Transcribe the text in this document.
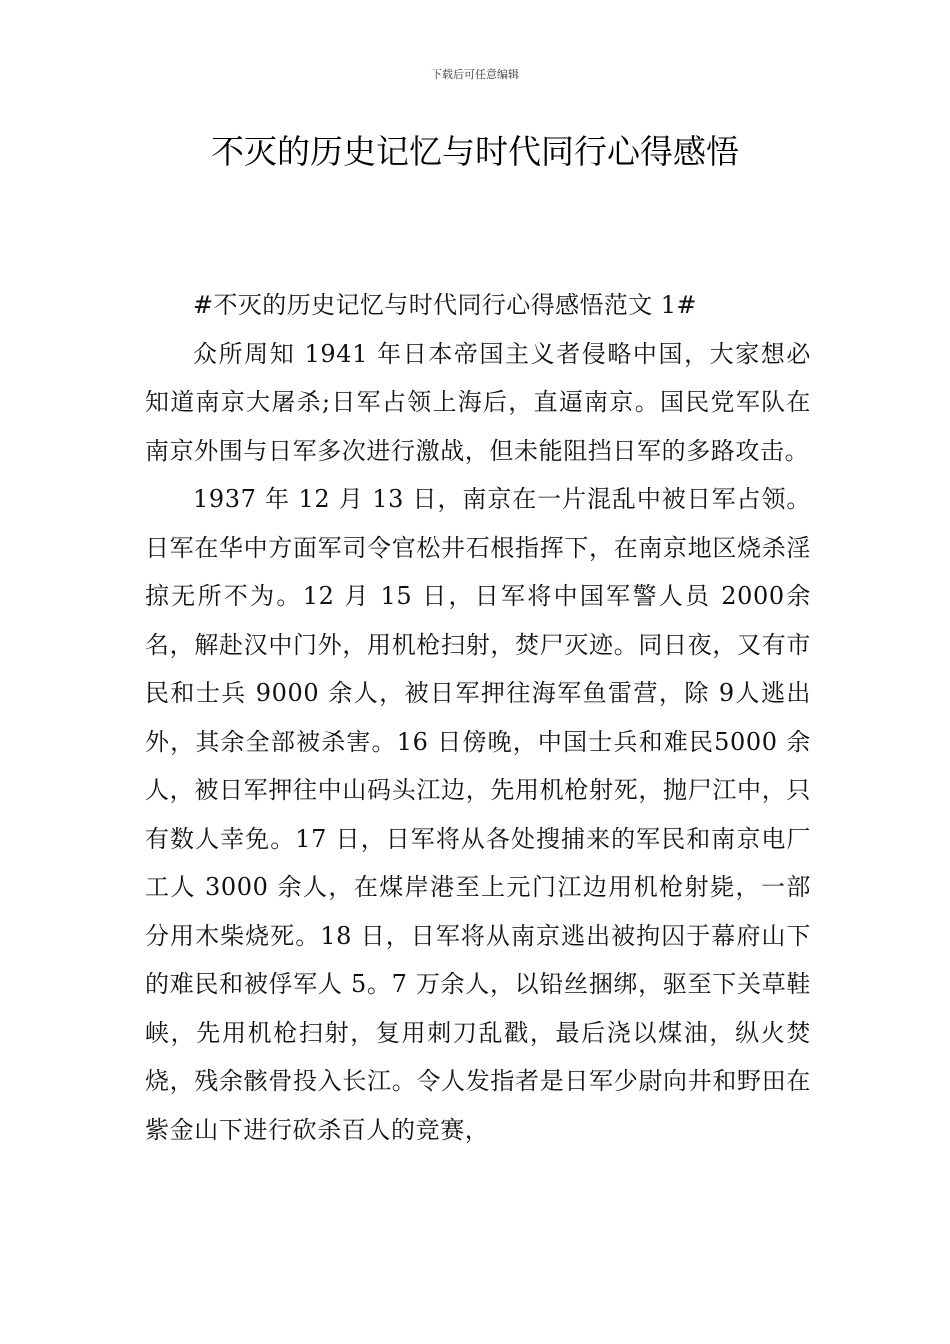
下载后可任意编辑
不灭的历史记忆与时代同行心得感悟

#不灭的历史记忆与时代同行心得感悟范文 1#

众所周知 1941 年日本帝国主义者侵略中国，大家想必知道南京大屠杀;日军占领上海后，直逼南京。国民党军队在南京外围与日军多次进行激战，但未能阻挡日军的多路攻击。

1937 年 12 月 13 日，南京在一片混乱中被日军占领。日军在华中方面军司令官松井石根指挥下，在南京地区烧杀淫掠无所不为。12 月 15 日，日军将中国军警人员 2000余名，解赴汉中门外，用机枪扫射，焚尸灭迹。同日夜，又有市民和士兵 9000 余人，被日军押往海军鱼雷营，除 9人逃出外，其余全部被杀害。16 日傍晚，中国士兵和难民5000 余人，被日军押往中山码头江边，先用机枪射死，抛尸江中，只有数人幸免。17 日，日军将从各处搜捕来的军民和南京电厂工人 3000 余人，在煤岸港至上元门江边用机枪射毙，一部分用木柴烧死。18 日，日军将从南京逃出被拘囚于幕府山下的难民和被俘军人 5。7 万余人，以铅丝捆绑，驱至下关草鞋峡，先用机枪扫射，复用刺刀乱戳，最后浇以煤油，纵火焚烧，残余骸骨投入长江。令人发指者是日军少尉向井和野田在紫金山下进行砍杀百人的竞赛，
